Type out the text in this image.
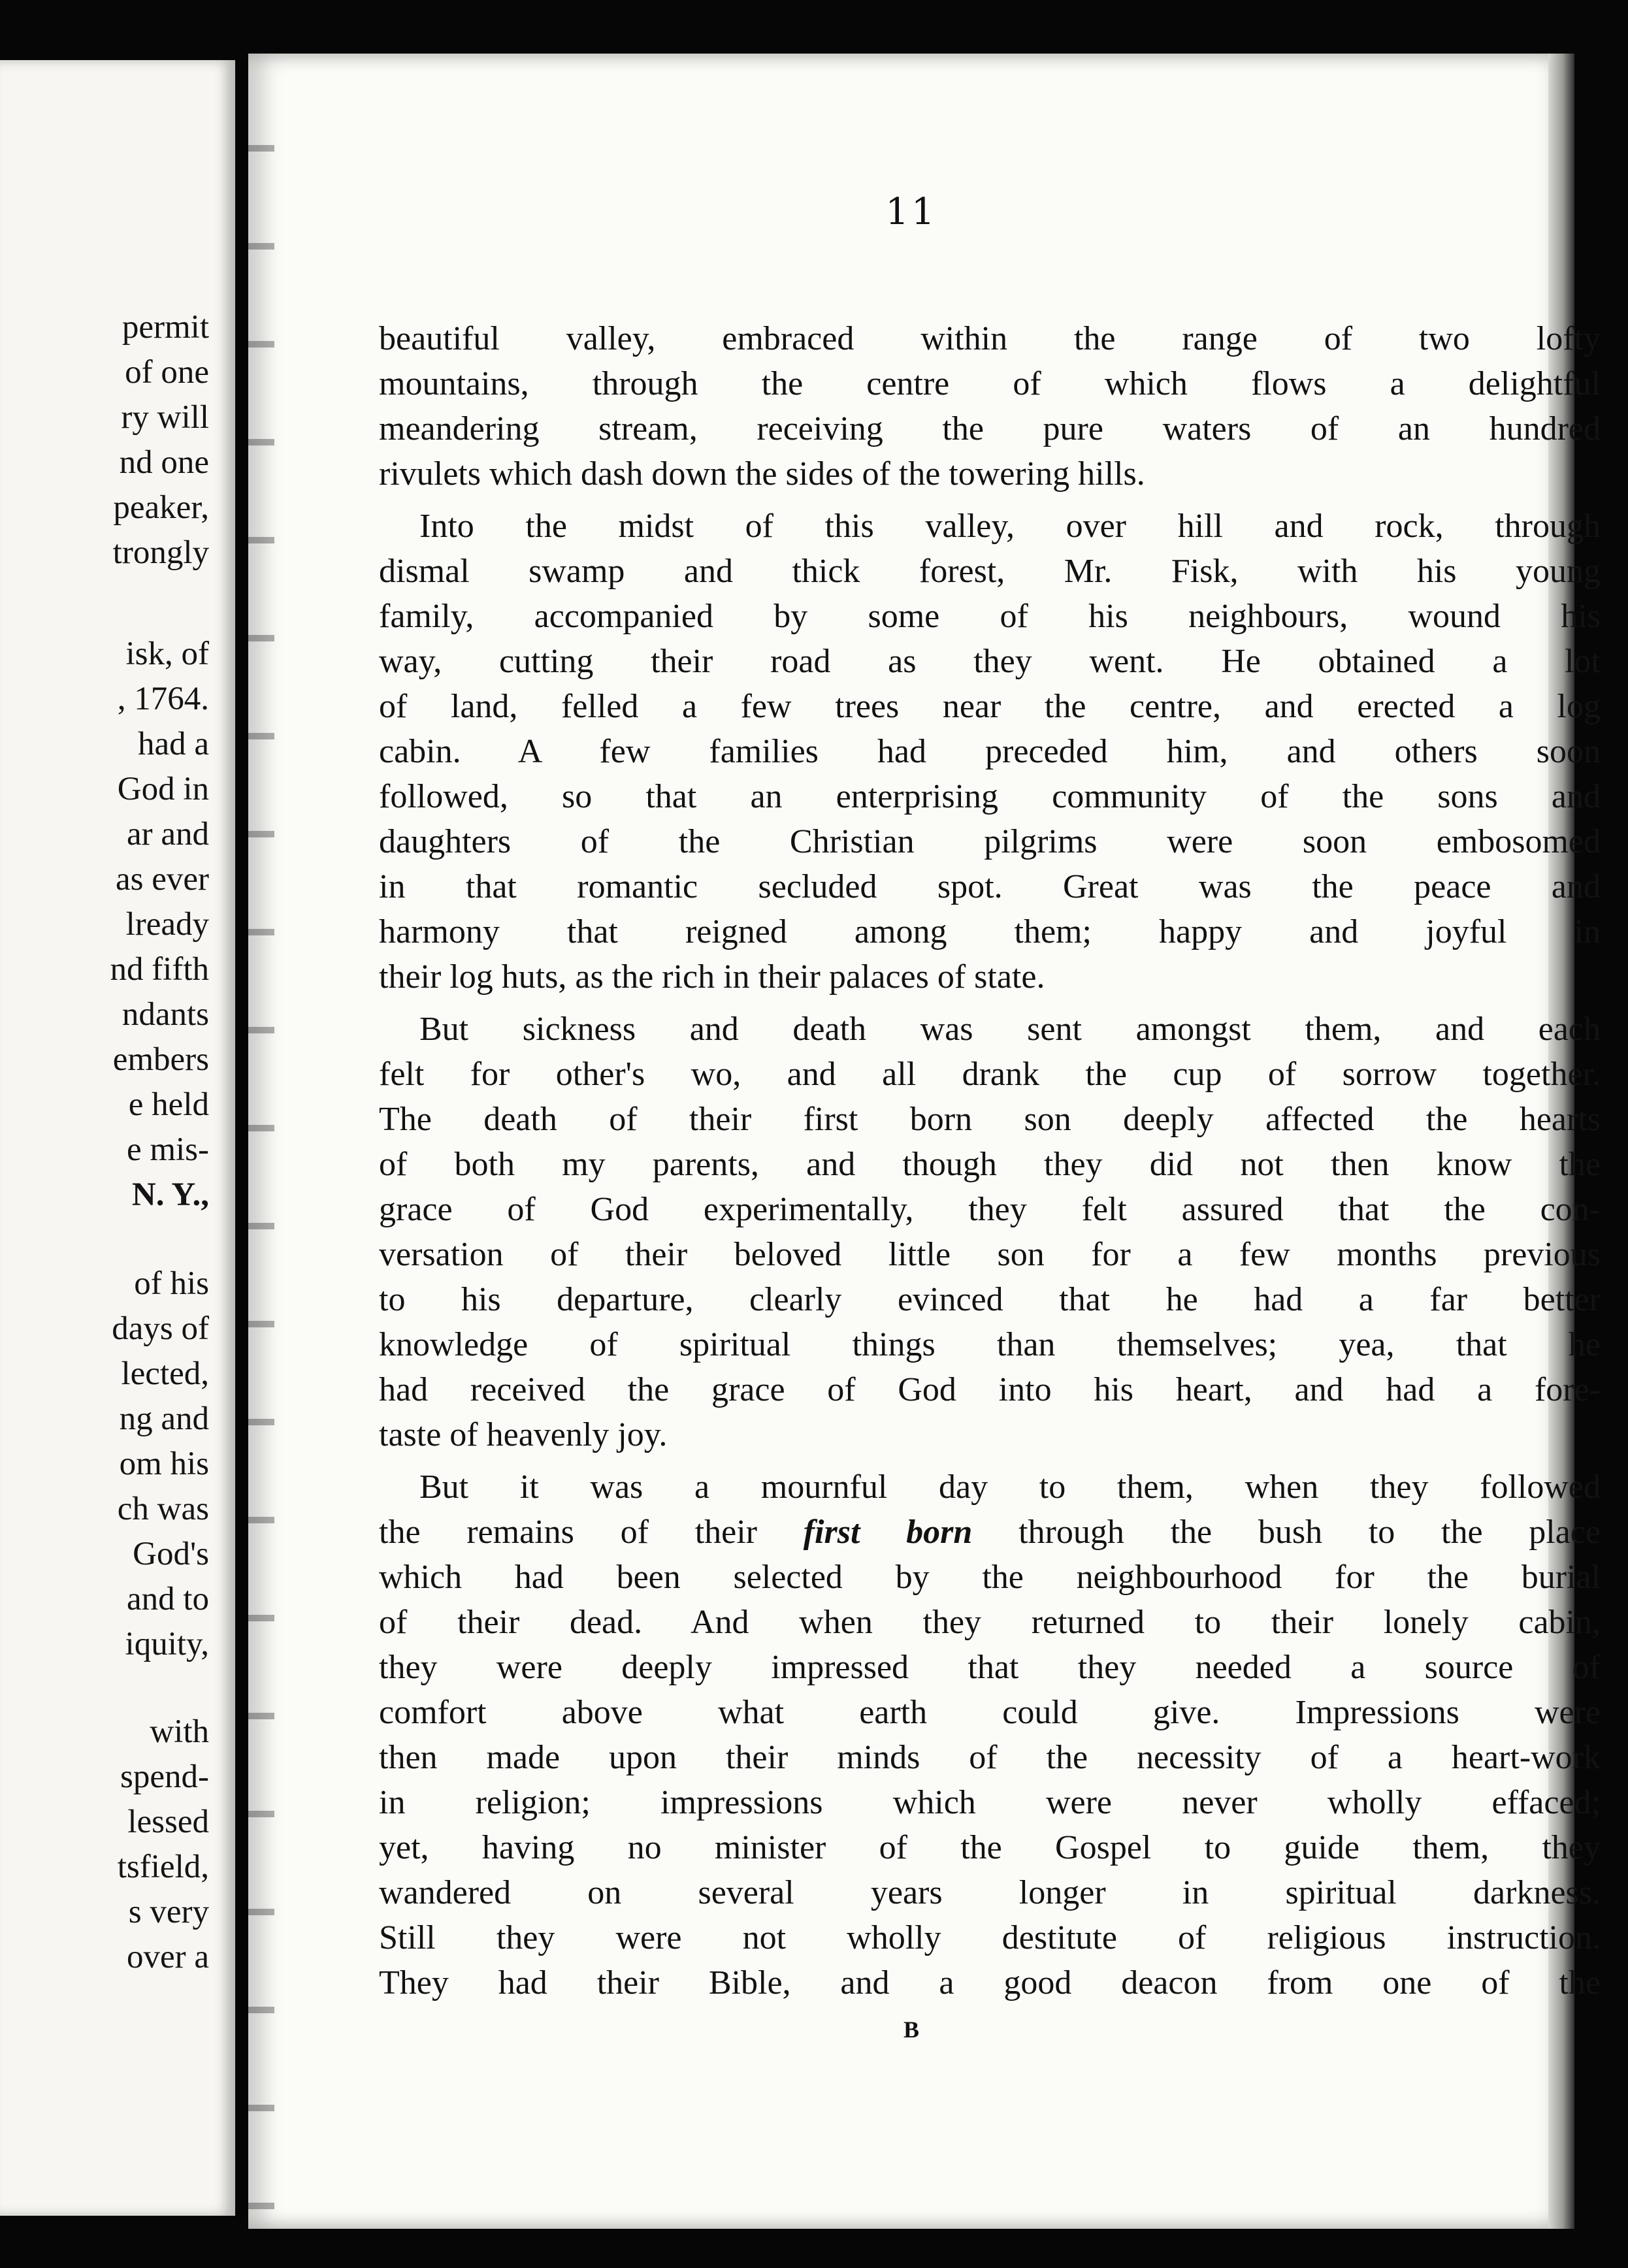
permit
of one
ry will
nd one
peaker,
trongly
isk, of
, 1764.
had a
God in
ar and
as ever
lready
nd fifth
ndants
embers
e held
e mis-
N. Y.,
of his
days of
lected,
ng and
om his
ch was
God's
and to
iquity,
with
spend-
lessed
tsfield,
s very
over a
11
beautiful valley, embraced within the range of two lofty
mountains, through the centre of which flows a delightful
meandering stream, receiving the pure waters of an hundred
rivulets which dash down the sides of the towering hills.
Into the midst of this valley, over hill and rock, through
dismal swamp and thick forest, Mr. Fisk, with his young
family, accompanied by some of his neighbours, wound his
way, cutting their road as they went. He obtained a lot
of land, felled a few trees near the centre, and erected a log
cabin. A few families had preceded him, and others soon
followed, so that an enterprising community of the sons and
daughters of the Christian pilgrims were soon embosomed
in that romantic secluded spot. Great was the peace and
harmony that reigned among them; happy and joyful in
their log huts, as the rich in their palaces of state.
But sickness and death was sent amongst them, and each
felt for other's wo, and all drank the cup of sorrow together.
The death of their first born son deeply affected the hearts
of both my parents, and though they did not then know the
grace of God experimentally, they felt assured that the con-
versation of their beloved little son for a few months previous
to his departure, clearly evinced that he had a far better
knowledge of spiritual things than themselves; yea, that he
had received the grace of God into his heart, and had a fore-
taste of heavenly joy.
But it was a mournful day to them, when they followed
the remains of their first born through the bush to the place
which had been selected by the neighbourhood for the burial
of their dead. And when they returned to their lonely cabin,
they were deeply impressed that they needed a source of
comfort above what earth could give. Impressions were
then made upon their minds of the necessity of a heart-work
in religion; impressions which were never wholly effaced;
yet, having no minister of the Gospel to guide them, they
wandered on several years longer in spiritual darkness.
Still they were not wholly destitute of religious instruction.
They had their Bible, and a good deacon from one of the
B
